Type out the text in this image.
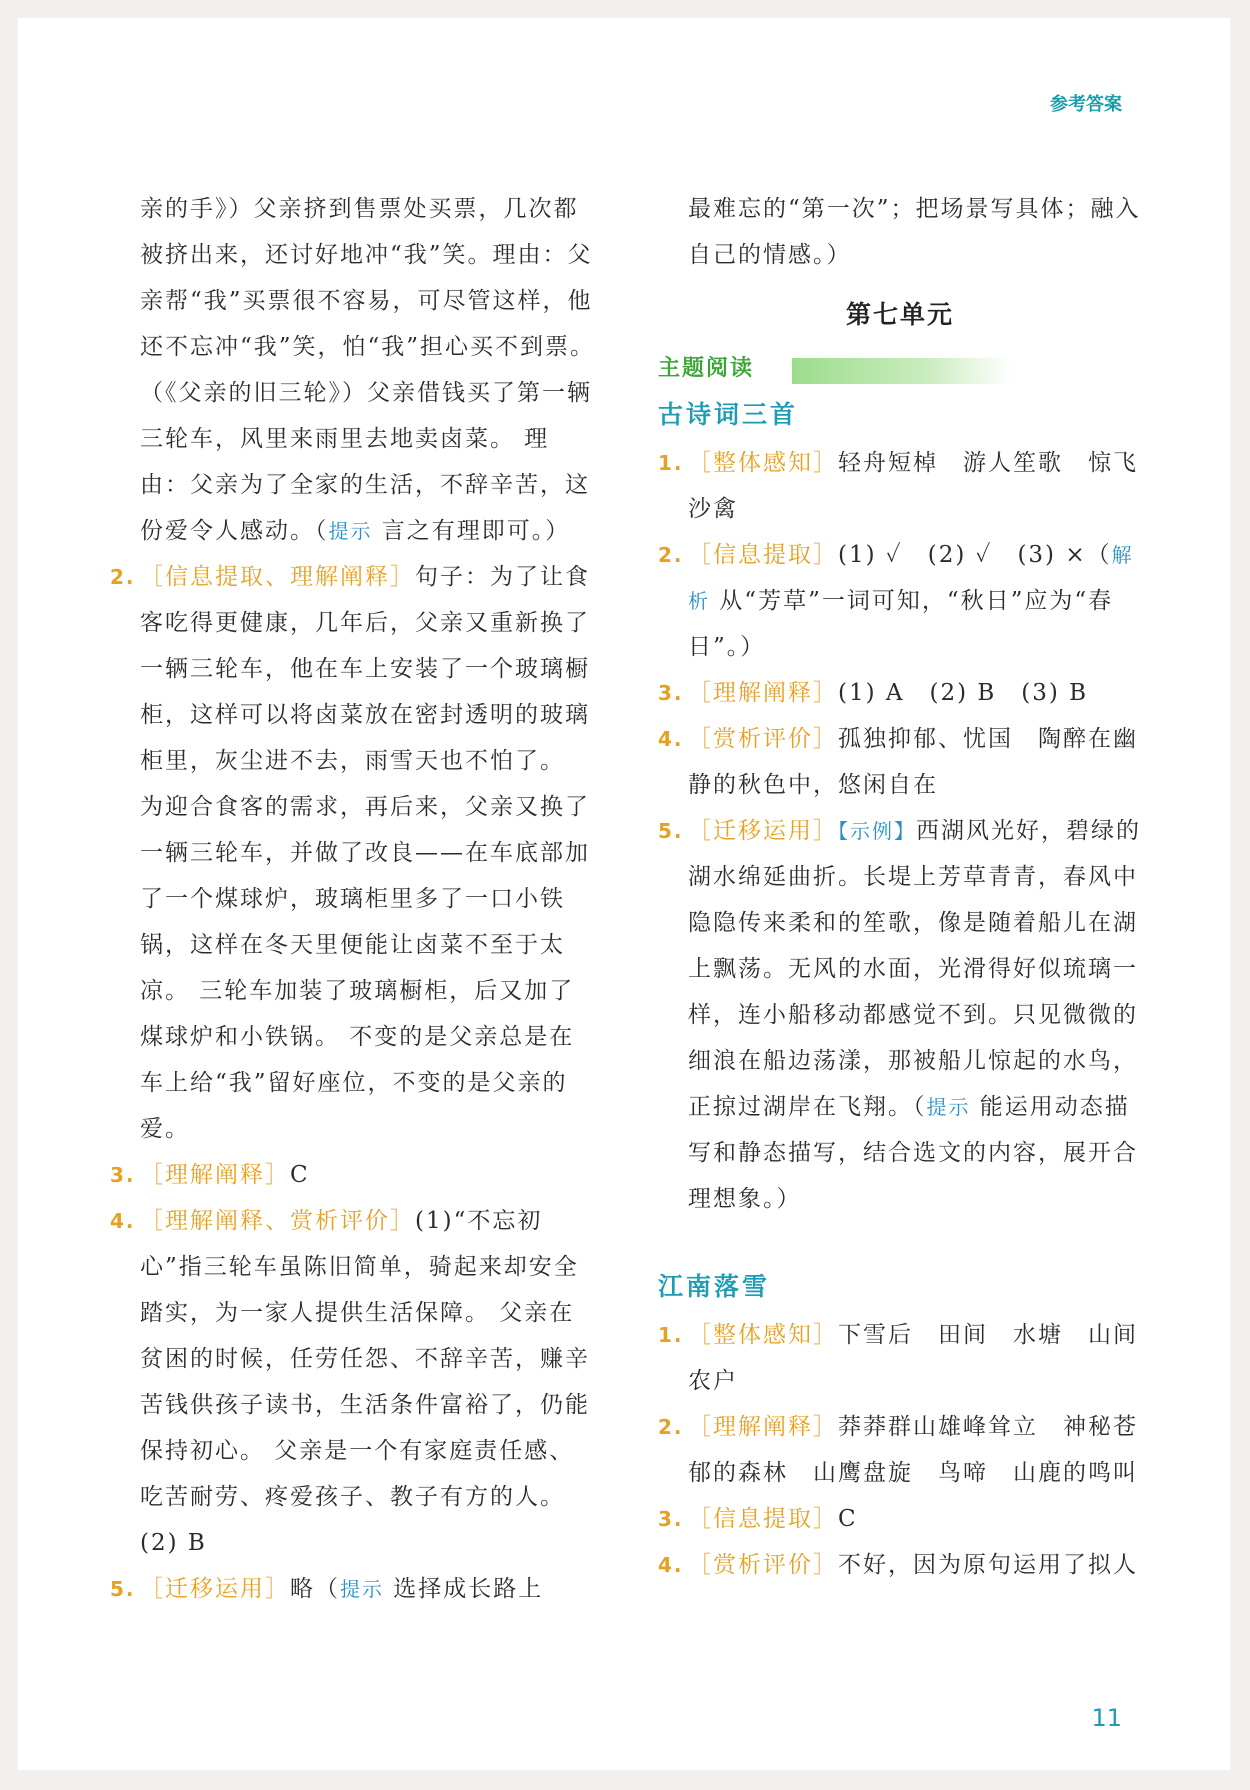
参考答案
亲的手》）父亲挤到售票处买票，几次都被挤出来，还讨好地冲“我”笑。理由：父亲帮“我”买票很不容易，可尽管这样，他还不忘冲“我”笑，怕“我”担心买不到票。 （《父亲的旧三轮》）父亲借钱买了第一辆三轮车，风里来雨里去地卖卤菜。 理由：父亲为了全家的生活，不辞辛苦，这份爱令人感动。（提示 言之有理即可。）
2. ［信息提取、理解阐释］句子：为了让食客吃得更健康，几年后，父亲又重新换了一辆三轮车，他在车上安装了一个玻璃橱柜，这样可以将卤菜放在密封透明的玻璃柜里，灰尘进不去，雨雪天也不怕了。 为迎合食客的需求，再后来，父亲又换了一辆三轮车，并做了改良——在车底部加了一个煤球炉，玻璃柜里多了一口小铁锅，这样在冬天里便能让卤菜不至于太凉。 三轮车加装了玻璃橱柜，后又加了煤球炉和小铁锅。 不变的是父亲总是在车上给“我”留好座位，不变的是父亲的爱。
3. ［理解阐释］C
4. ［理解阐释、赏析评价］(1)“不忘初心”指三轮车虽陈旧简单，骑起来却安全踏实，为一家人提供生活保障。 父亲在贫困的时候，任劳任怨、不辞辛苦，赚辛苦钱供孩子读书，生活条件富裕了，仍能保持初心。 父亲是一个有家庭责任感、吃苦耐劳、疼爱孩子、教子有方的人。 (2) B
5. ［迁移运用］略（提示 选择成长路上
最难忘的“第一次”；把场景写具体；融入自己的情感。）
第七单元
主题阅读
古诗词三首
1. ［整体感知］轻舟短棹　游人笙歌　惊飞沙禽
2. ［信息提取］(1) ✓　(2) ✓　(3) ×（解析 从“芳草”一词可知，“秋日”应为“春日”。）
3. ［理解阐释］(1) A　(2) B　(3) B
4. ［赏析评价］孤独抑郁、忧国　陶醉在幽静的秋色中，悠闲自在
5. ［迁移运用］【示例】西湖风光好，碧绿的湖水绵延曲折。长堤上芳草青青，春风中隐隐传来柔和的笙歌，像是随着船儿在湖上飘荡。无风的水面，光滑得好似琉璃一样，连小船移动都感觉不到。只见微微的细浪在船边荡漾，那被船儿惊起的水鸟，正掠过湖岸在飞翔。（提示 能运用动态描写和静态描写，结合选文的内容，展开合理想象。）
江南落雪
1. ［整体感知］下雪后　田间　水塘　山间农户
2. ［理解阐释］莽莽群山雄峰耸立　神秘苍郁的森林　山鹰盘旋　鸟啼　山鹿的鸣叫
3. ［信息提取］C
4. ［赏析评价］不好，因为原句运用了拟人
11
